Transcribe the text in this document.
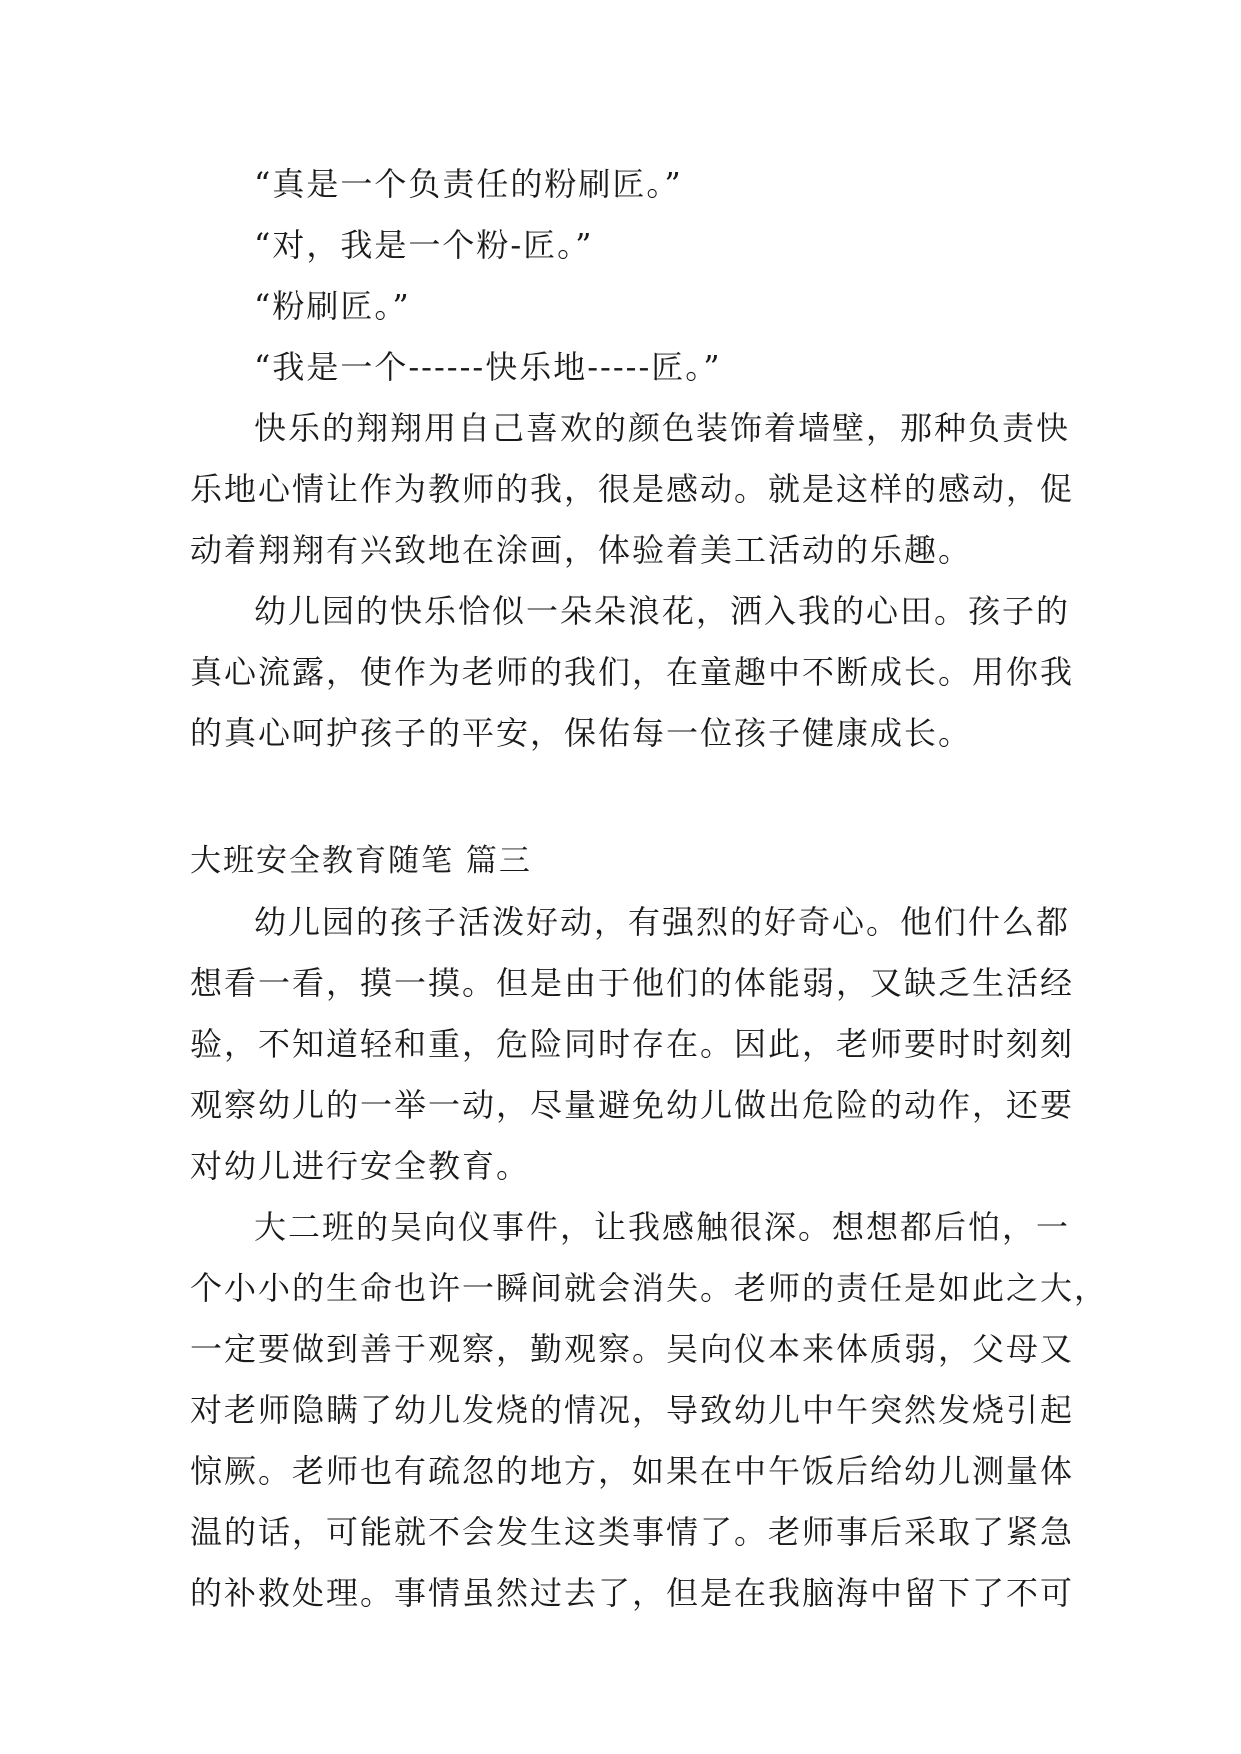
“真是一个负责任的粉刷匠。”
“对，我是一个粉-匠。”
“粉刷匠。”
“我是一个------快乐地-----匠。”
快乐的翔翔用自己喜欢的颜色装饰着墙壁，那种负责快
乐地心情让作为教师的我，很是感动。就是这样的感动，促
动着翔翔有兴致地在涂画，体验着美工活动的乐趣。
幼儿园的快乐恰似一朵朵浪花，洒入我的心田。孩子的
真心流露，使作为老师的我们，在童趣中不断成长。用你我
的真心呵护孩子的平安，保佑每一位孩子健康成长。
大班安全教育随笔 篇三
幼儿园的孩子活泼好动，有强烈的好奇心。他们什么都
想看一看，摸一摸。但是由于他们的体能弱，又缺乏生活经
验，不知道轻和重，危险同时存在。因此，老师要时时刻刻
观察幼儿的一举一动，尽量避免幼儿做出危险的动作，还要
对幼儿进行安全教育。
大二班的吴向仪事件，让我感触很深。想想都后怕，一
个小小的生命也许一瞬间就会消失。老师的责任是如此之大，
一定要做到善于观察，勤观察。吴向仪本来体质弱，父母又
对老师隐瞒了幼儿发烧的情况，导致幼儿中午突然发烧引起
惊厥。老师也有疏忽的地方，如果在中午饭后给幼儿测量体
温的话，可能就不会发生这类事情了。老师事后采取了紧急
的补救处理。事情虽然过去了，但是在我脑海中留下了不可
